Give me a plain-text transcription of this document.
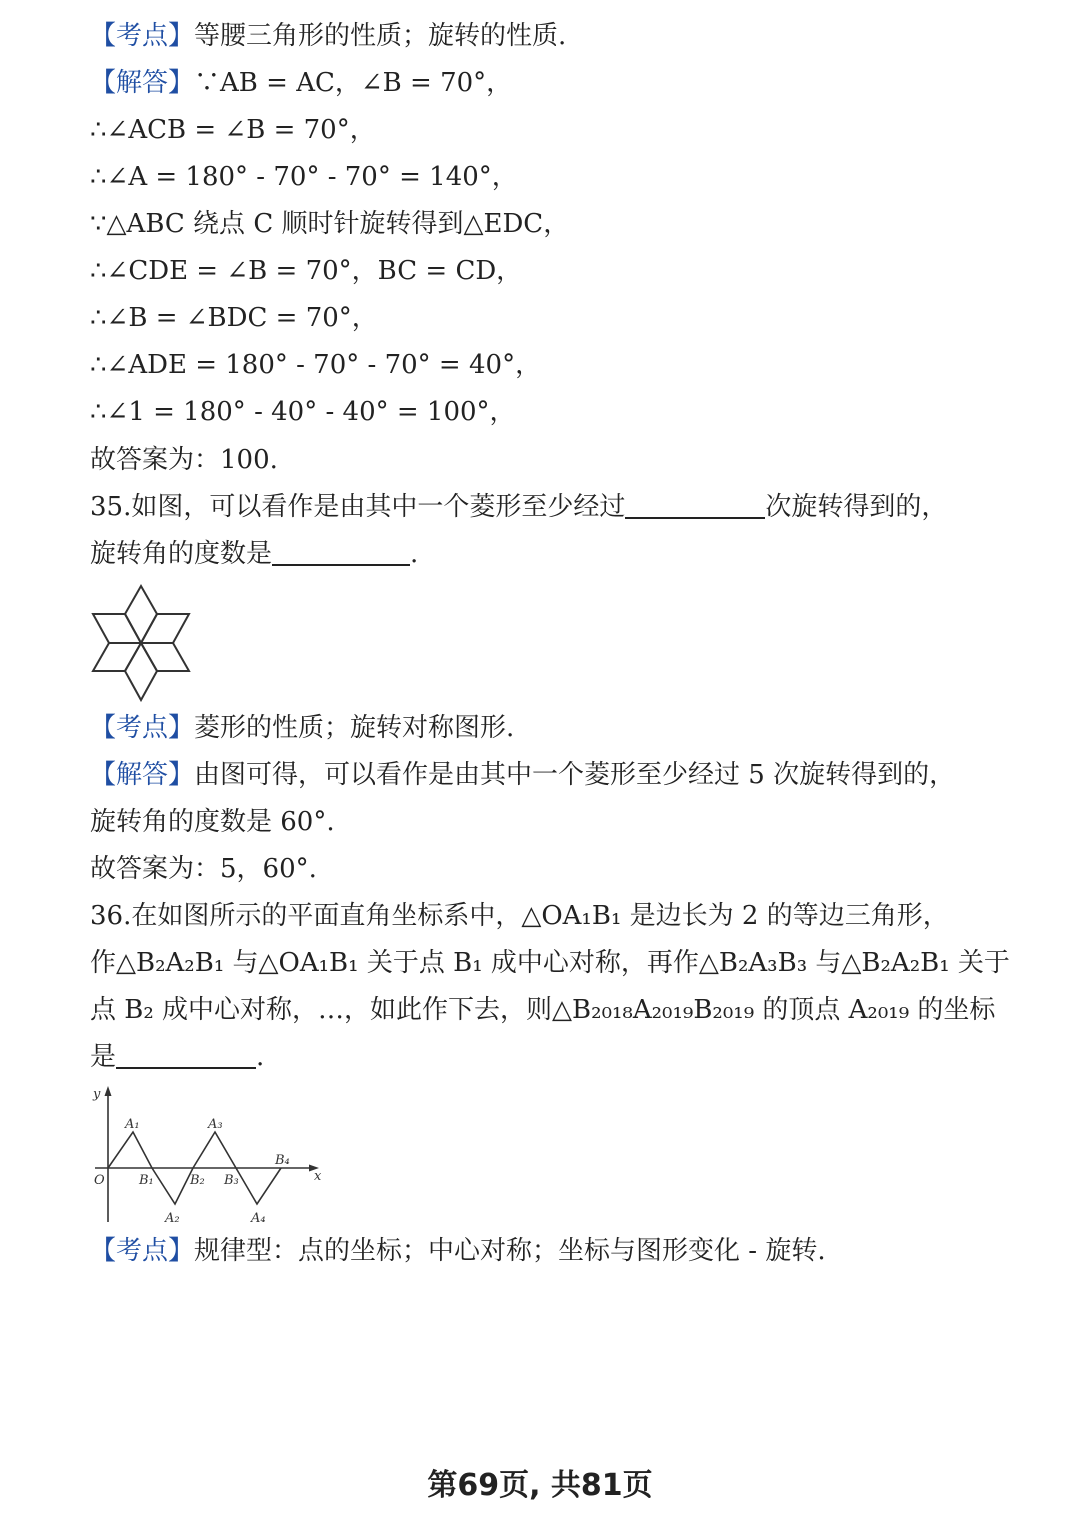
【考点】等腰三角形的性质；旋转的性质.
【解答】∵AB = AC，∠B = 70°，
∴∠ACB = ∠B = 70°，
∴∠A = 180° - 70° - 70° = 140°，
∵△ABC 绕点 C 顺时针旋转得到△EDC，
∴∠CDE = ∠B = 70°，BC = CD，
∴∠B = ∠BDC = 70°，
∴∠ADE = 180° - 70° - 70° = 40°，
∴∠1 = 180° - 40° - 40° = 100°，
故答案为：100.
35.如图，可以看作是由其中一个菱形至少经过	次旋转得到的，
旋转角的度数是	.
【考点】菱形的性质；旋转对称图形.
【解答】由图可得，可以看作是由其中一个菱形至少经过 5 次旋转得到的，
旋转角的度数是 60°.
故答案为：5，60°.
36.在如图所示的平面直角坐标系中，△OA₁B₁ 是边长为 2 的等边三角形，
作△B₂A₂B₁ 与△OA₁B₁ 关于点 B₁ 成中心对称，再作△B₂A₃B₃ 与△B₂A₂B₁ 关于
点 B₂ 成中心对称，…，如此作下去，则△B₂₀₁₈A₂₀₁₉B₂₀₁₉ 的顶点 A₂₀₁₉ 的坐标
是	.
y
x
O
A₁
B₁
A₂
B₂
A₃
B₃
A₄
B₄
【考点】规律型：点的坐标；中心对称；坐标与图形变化 - 旋转.
第69页, 共81页
